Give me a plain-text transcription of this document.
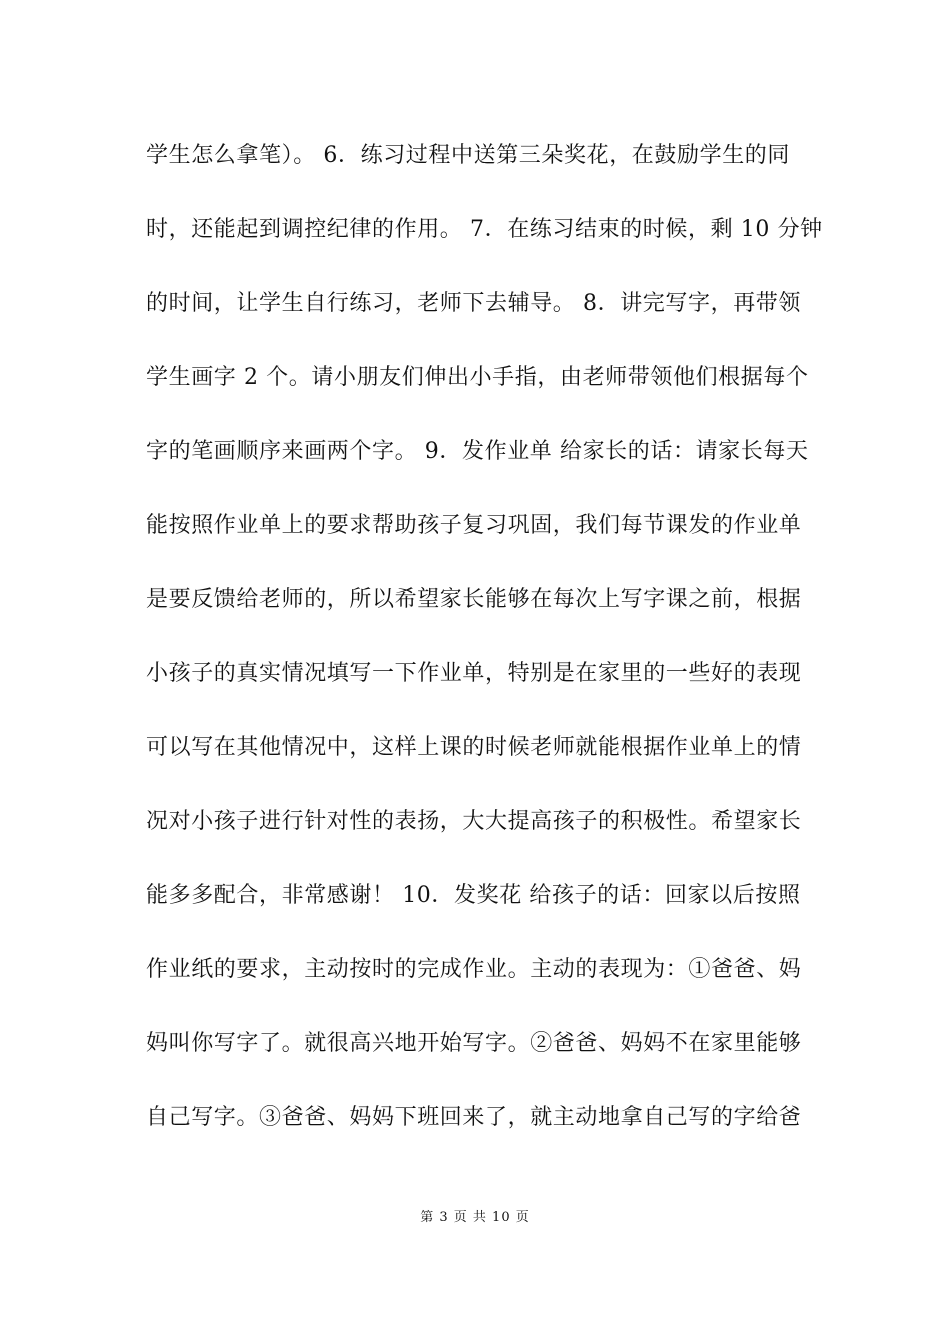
学生怎么拿笔）。 6．练习过程中送第三朵奖花，在鼓励学生的同
时，还能起到调控纪律的作用。 7．在练习结束的时候，剩 10 分钟
的时间，让学生自行练习，老师下去辅导。 8．讲完写字，再带领
学生画字 2 个。请小朋友们伸出小手指，由老师带领他们根据每个
字的笔画顺序来画两个字。 9．发作业单 给家长的话：请家长每天
能按照作业单上的要求帮助孩子复习巩固，我们每节课发的作业单
是要反馈给老师的，所以希望家长能够在每次上写字课之前，根据
小孩子的真实情况填写一下作业单，特别是在家里的一些好的表现
可以写在其他情况中，这样上课的时候老师就能根据作业单上的情
况对小孩子进行针对性的表扬，大大提高孩子的积极性。希望家长
能多多配合，非常感谢！ 10．发奖花 给孩子的话：回家以后按照
作业纸的要求，主动按时的完成作业。主动的表现为：①爸爸、妈
妈叫你写字了。就很高兴地开始写字。②爸爸、妈妈不在家里能够
自己写字。③爸爸、妈妈下班回来了，就主动地拿自己写的字给爸
第 3 页 共 10 页
